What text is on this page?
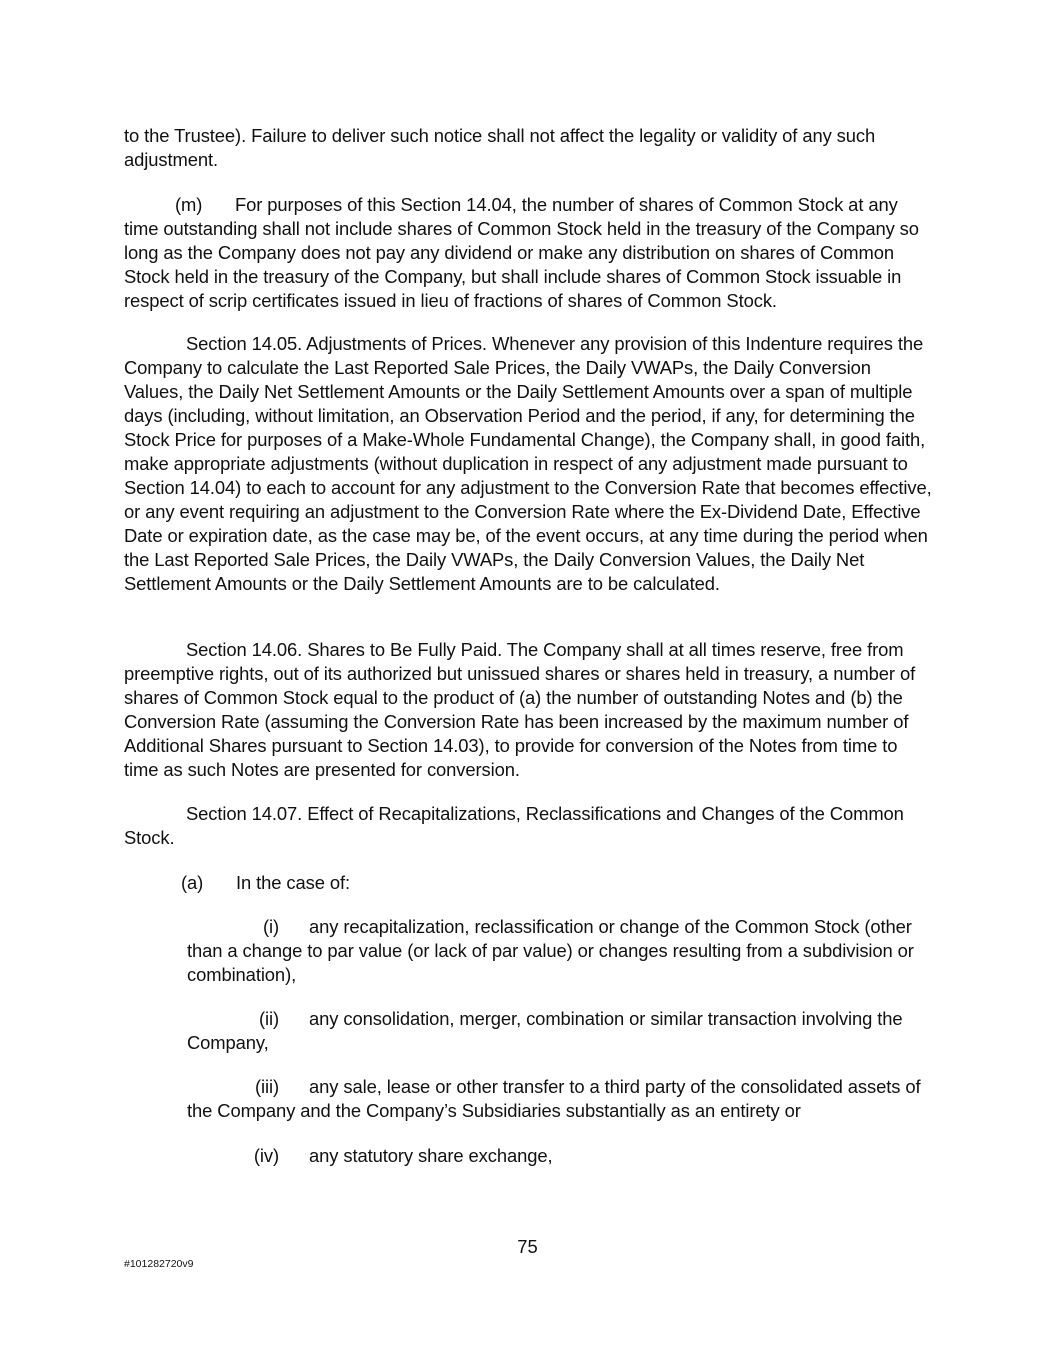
to the Trustee). Failure to deliver such notice shall not affect the legality or validity of any such adjustment.

(m) For purposes of this Section 14.04, the number of shares of Common Stock at any time outstanding shall not include shares of Common Stock held in the treasury of the Company so long as the Company does not pay any dividend or make any distribution on shares of Common Stock held in the treasury of the Company, but shall include shares of Common Stock issuable in respect of scrip certificates issued in lieu of fractions of shares of Common Stock.

Section 14.05. Adjustments of Prices. Whenever any provision of this Indenture requires the Company to calculate the Last Reported Sale Prices, the Daily VWAPs, the Daily Conversion Values, the Daily Net Settlement Amounts or the Daily Settlement Amounts over a span of multiple days (including, without limitation, an Observation Period and the period, if any, for determining the Stock Price for purposes of a Make-Whole Fundamental Change), the Company shall, in good faith, make appropriate adjustments (without duplication in respect of any adjustment made pursuant to Section 14.04) to each to account for any adjustment to the Conversion Rate that becomes effective, or any event requiring an adjustment to the Conversion Rate where the Ex-Dividend Date, Effective Date or expiration date, as the case may be, of the event occurs, at any time during the period when the Last Reported Sale Prices, the Daily VWAPs, the Daily Conversion Values, the Daily Net Settlement Amounts or the Daily Settlement Amounts are to be calculated.

Section 14.06. Shares to Be Fully Paid. The Company shall at all times reserve, free from preemptive rights, out of its authorized but unissued shares or shares held in treasury, a number of shares of Common Stock equal to the product of (a) the number of outstanding Notes and (b) the Conversion Rate (assuming the Conversion Rate has been increased by the maximum number of Additional Shares pursuant to Section 14.03), to provide for conversion of the Notes from time to time as such Notes are presented for conversion.

Section 14.07. Effect of Recapitalizations, Reclassifications and Changes of the Common Stock.

(a) In the case of:

(i) any recapitalization, reclassification or change of the Common Stock (other than a change to par value (or lack of par value) or changes resulting from a subdivision or combination),

(ii) any consolidation, merger, combination or similar transaction involving the Company,

(iii) any sale, lease or other transfer to a third party of the consolidated assets of the Company and the Company’s Subsidiaries substantially as an entirety or

(iv) any statutory share exchange,

75
#101282720v9
